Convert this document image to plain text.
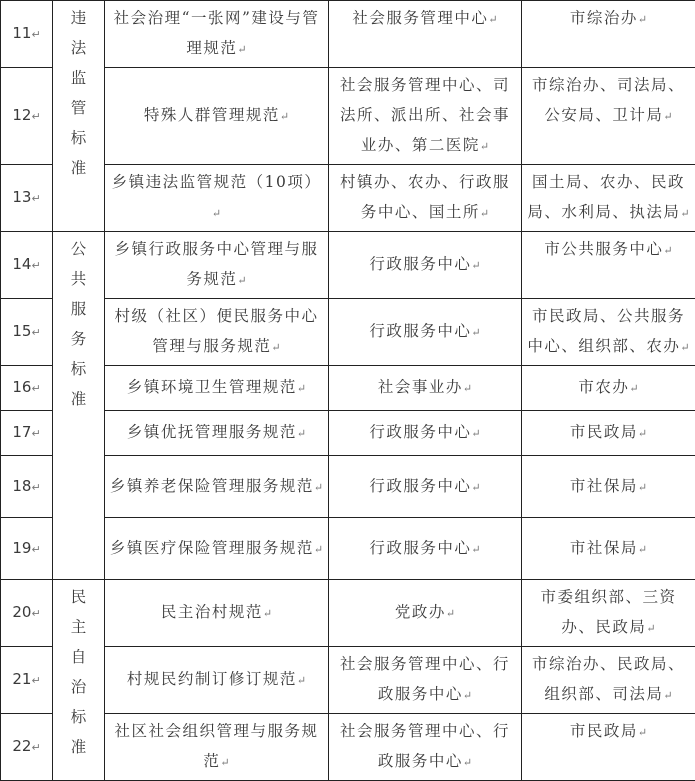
11↵	违法监管标准	社会治理“一张网”建设与管理规范↵	社会服务管理中心↵	市综治办↵
12↵		特殊人群管理规范↵	社会服务管理中心、司法所、派出所、社会事业办、第二医院↵	市综治办、司法局、公安局、卫计局↵
13↵		乡镇违法监管规范（10项）↵	村镇办、农办、行政服务中心、国土所↵	国土局、农办、民政局、水利局、执法局↵
14↵	公共服务标准	乡镇行政服务中心管理与服务规范↵	行政服务中心↵	市公共服务中心↵
15↵		村级（社区）便民服务中心管理与服务规范↵	行政服务中心↵	市民政局、公共服务中心、组织部、农办↵
16↵		乡镇环境卫生管理规范↵	社会事业办↵	市农办↵
17↵		乡镇优抚管理服务规范↵	行政服务中心↵	市民政局↵
18↵		乡镇养老保险管理服务规范↵	行政服务中心↵	市社保局↵
19↵		乡镇医疗保险管理服务规范↵	行政服务中心↵	市社保局↵
20↵	民主自治标准	民主治村规范↵	党政办↵	市委组织部、三资办、民政局↵
21↵		村规民约制订修订规范↵	社会服务管理中心、行政服务中心↵	市综治办、民政局、组织部、司法局↵
22↵		社区社会组织管理与服务规范↵	社会服务管理中心、行政服务中心↵	市民政局↵
